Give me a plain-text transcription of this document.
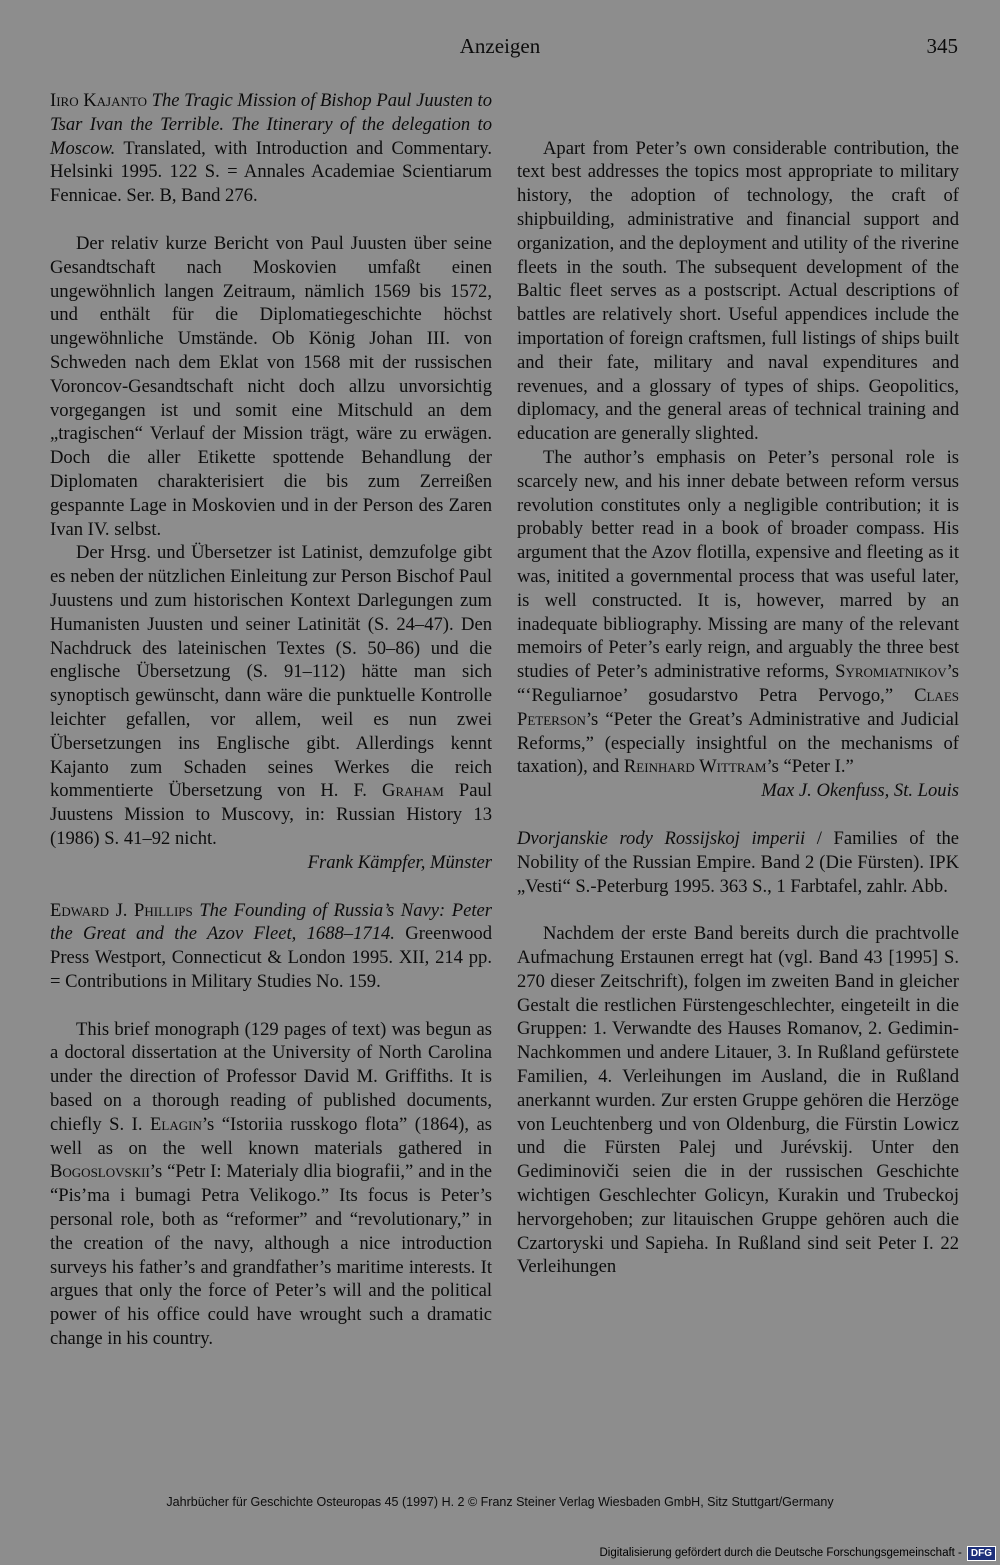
Anzeigen	345

Iiro Kajanto The Tragic Mission of Bishop Paul Juusten to Tsar Ivan the Terrible. The Itinerary of the delegation to Moscow. Translated, with Introduction and Commentary. Helsinki 1995. 122 S. = Annales Academiae Scientiarum Fennicae. Ser. B, Band 276.

Der relativ kurze Bericht von Paul Juusten über seine Gesandtschaft nach Moskovien umfaßt einen ungewöhnlich langen Zeitraum, nämlich 1569 bis 1572, und enthält für die Diplomatiegeschichte höchst ungewöhnliche Umstände. Ob König Johan III. von Schweden nach dem Eklat von 1568 mit der russischen Voroncov-Gesandtschaft nicht doch allzu unvorsichtig vorgegangen ist und somit eine Mitschuld an dem „tragischen“ Verlauf der Mission trägt, wäre zu erwägen. Doch die aller Etikette spottende Behandlung der Diplomaten charakterisiert die bis zum Zerreißen gespannte Lage in Moskovien und in der Person des Zaren Ivan IV. selbst.

Der Hrsg. und Übersetzer ist Latinist, demzufolge gibt es neben der nützlichen Einleitung zur Person Bischof Paul Juustens und zum historischen Kontext Darlegungen zum Humanisten Juusten und seiner Latinität (S. 24–47). Den Nachdruck des lateinischen Textes (S. 50–86) und die englische Übersetzung (S. 91–112) hätte man sich synoptisch gewünscht, dann wäre die punktuelle Kontrolle leichter gefallen, vor allem, weil es nun zwei Übersetzungen ins Englische gibt. Allerdings kennt Kajanto zum Schaden seines Werkes die reich kommentierte Übersetzung von H. F. Graham Paul Juustens Mission to Muscovy, in: Russian History 13 (1986) S. 41–92 nicht.

Frank Kämpfer, Münster

Edward J. Phillips The Founding of Russia’s Navy: Peter the Great and the Azov Fleet, 1688–1714. Greenwood Press Westport, Connecticut & London 1995. XII, 214 pp. = Contributions in Military Studies No. 159.

This brief monograph (129 pages of text) was begun as a doctoral dissertation at the University of North Carolina under the direction of Professor David M. Griffiths. It is based on a thorough reading of published documents, chiefly S. I. Elagin’s “Istoriia russkogo flota” (1864), as well as on the well known materials gathered in Bogoslovskii’s “Petr I: Materialy dlia biografii,” and in the “Pis’ma i bumagi Petra Velikogo.” Its focus is Peter’s personal role, both as “reformer” and “revolutionary,” in the creation of the navy, although a nice introduction surveys his father’s and grandfather’s maritime interests. It argues that only the force of Peter’s will and the political power of his office could have wrought such a dramatic change in his country.

Apart from Peter’s own considerable contribution, the text best addresses the topics most appropriate to military history, the adoption of technology, the craft of shipbuilding, administrative and financial support and organization, and the deployment and utility of the riverine fleets in the south. The subsequent development of the Baltic fleet serves as a postscript. Actual descriptions of battles are relatively short. Useful appendices include the importation of foreign craftsmen, full listings of ships built and their fate, military and naval expenditures and revenues, and a glossary of types of ships. Geopolitics, diplomacy, and the general areas of technical training and education are generally slighted.

The author’s emphasis on Peter’s personal role is scarcely new, and his inner debate between reform versus revolution constitutes only a negligible contribution; it is probably better read in a book of broader compass. His argument that the Azov flotilla, expensive and fleeting as it was, initited a governmental process that was useful later, is well constructed. It is, however, marred by an inadequate bibliography. Missing are many of the relevant memoirs of Peter’s early reign, and arguably the three best studies of Peter’s administrative reforms, Syromiatnikov’s “‘Reguliarnoe’ gosudarstvo Petra Pervogo,” Claes Peterson’s “Peter the Great’s Administrative and Judicial Reforms,” (especially insightful on the mechanisms of taxation), and Reinhard Wittram’s “Peter I.”

Max J. Okenfuss, St. Louis

Dvorjanskie rody Rossijskoj imperii / Families of the Nobility of the Russian Empire. Band 2 (Die Fürsten). IPK „Vesti“ S.-Peterburg 1995. 363 S., 1 Farbtafel, zahlr. Abb.

Nachdem der erste Band bereits durch die prachtvolle Aufmachung Erstaunen erregt hat (vgl. Band 43 [1995] S. 270 dieser Zeitschrift), folgen im zweiten Band in gleicher Gestalt die restlichen Fürstengeschlechter, eingeteilt in die Gruppen: 1. Verwandte des Hauses Romanov, 2. Gedimin-Nachkommen und andere Litauer, 3. In Rußland gefürstete Familien, 4. Verleihungen im Ausland, die in Rußland anerkannt wurden. Zur ersten Gruppe gehören die Herzöge von Leuchtenberg und von Oldenburg, die Fürstin Lowicz und die Fürsten Palej und Jurévskij. Unter den Gediminoviči seien die in der russischen Geschichte wichtigen Geschlechter Golicyn, Kurakin und Trubeckoj hervorgehoben; zur litauischen Gruppe gehören auch die Czartoryski und Sapieha. In Rußland sind seit Peter I. 22 Verleihungen

Jahrbücher für Geschichte Osteuropas 45 (1997) H. 2 © Franz Steiner Verlag Wiesbaden GmbH, Sitz Stuttgart/Germany
Digitalisierung gefördert durch die Deutsche Forschungsgemeinschaft - DFG
